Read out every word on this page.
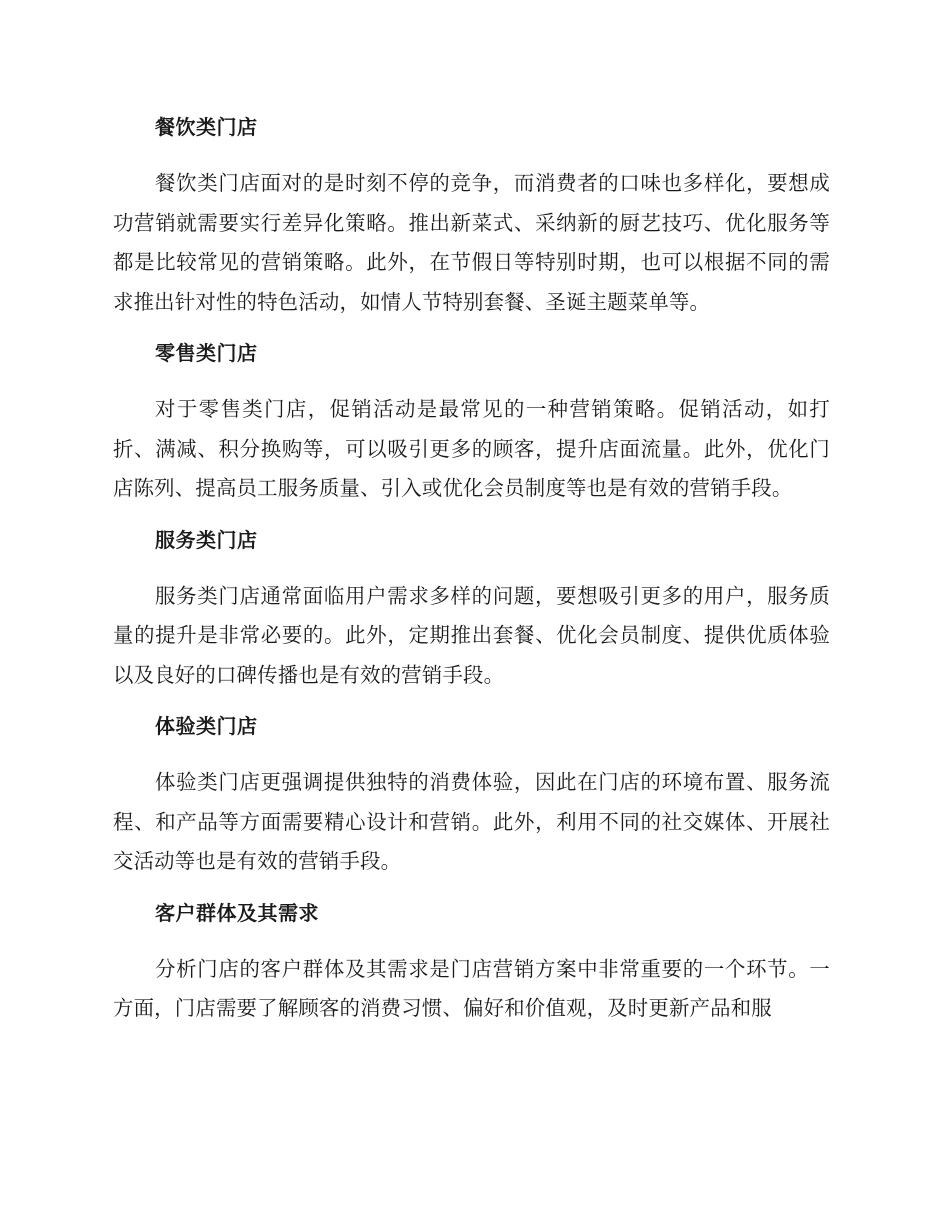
餐饮类门店

餐饮类门店面对的是时刻不停的竞争，而消费者的口味也多样化，要想成功营销就需要实行差异化策略。推出新菜式、采纳新的厨艺技巧、优化服务等都是比较常见的营销策略。此外，在节假日等特别时期，也可以根据不同的需求推出针对性的特色活动，如情人节特别套餐、圣诞主题菜单等。

零售类门店

对于零售类门店，促销活动是最常见的一种营销策略。促销活动，如打折、满减、积分换购等，可以吸引更多的顾客，提升店面流量。此外，优化门店陈列、提高员工服务质量、引入或优化会员制度等也是有效的营销手段。

服务类门店

服务类门店通常面临用户需求多样的问题，要想吸引更多的用户，服务质量的提升是非常必要的。此外，定期推出套餐、优化会员制度、提供优质体验以及良好的口碑传播也是有效的营销手段。

体验类门店

体验类门店更强调提供独特的消费体验，因此在门店的环境布置、服务流程、和产品等方面需要精心设计和营销。此外，利用不同的社交媒体、开展社交活动等也是有效的营销手段。

客户群体及其需求

分析门店的客户群体及其需求是门店营销方案中非常重要的一个环节。一方面，门店需要了解顾客的消费习惯、偏好和价值观，及时更新产品和服
